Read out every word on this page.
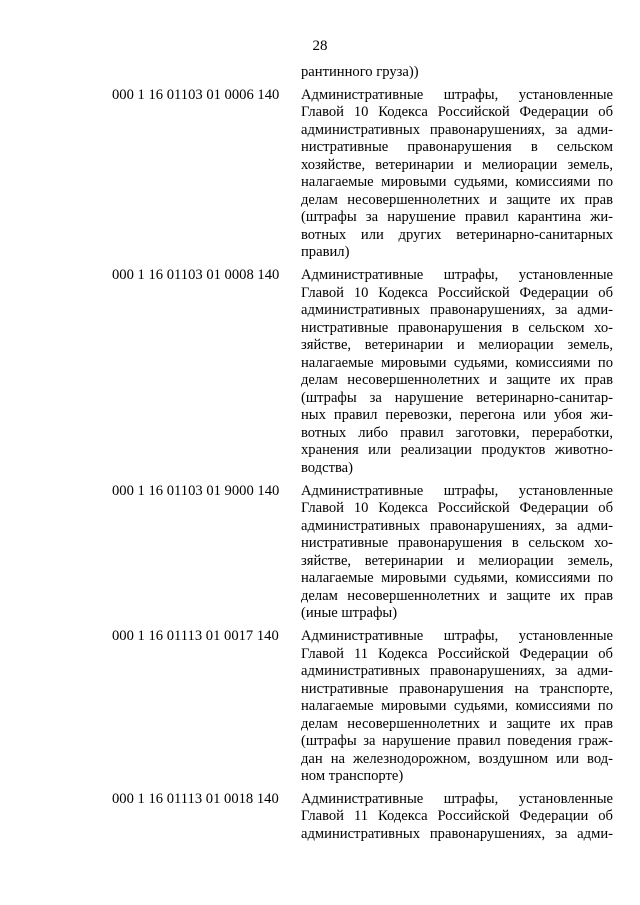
28
рантинного груза))
000 1 16 01103 01 0006 140 Административные штрафы, установленные
Главой 10 Кодекса Российской Федерации об
административных правонарушениях, за адми-
нистративные правонарушения в сельском
хозяйстве, ветеринарии и мелиорации земель,
налагаемые мировыми судьями, комиссиями по
делам несовершеннолетних и защите их прав
(штрафы за нарушение правил карантина жи-
вотных или других ветеринарно-санитарных
правил)
000 1 16 01103 01 0008 140 Административные штрафы, установленные
Главой 10 Кодекса Российской Федерации об
административных правонарушениях, за адми-
нистративные правонарушения в сельском хо-
зяйстве, ветеринарии и мелиорации земель,
налагаемые мировыми судьями, комиссиями по
делам несовершеннолетних и защите их прав
(штрафы за нарушение ветеринарно-санитар-
ных правил перевозки, перегона или убоя жи-
вотных либо правил заготовки, переработки,
хранения или реализации продуктов животно-
водства)
000 1 16 01103 01 9000 140 Административные штрафы, установленные
Главой 10 Кодекса Российской Федерации об
административных правонарушениях, за адми-
нистративные правонарушения в сельском хо-
зяйстве, ветеринарии и мелиорации земель,
налагаемые мировыми судьями, комиссиями по
делам несовершеннолетних и защите их прав
(иные штрафы)
000 1 16 01113 01 0017 140 Административные штрафы, установленные
Главой 11 Кодекса Российской Федерации об
административных правонарушениях, за адми-
нистративные правонарушения на транспорте,
налагаемые мировыми судьями, комиссиями по
делам несовершеннолетних и защите их прав
(штрафы за нарушение правил поведения граж-
дан на железнодорожном, воздушном или вод-
ном транспорте)
000 1 16 01113 01 0018 140 Административные штрафы, установленные
Главой 11 Кодекса Российской Федерации об
административных правонарушениях, за адми-
